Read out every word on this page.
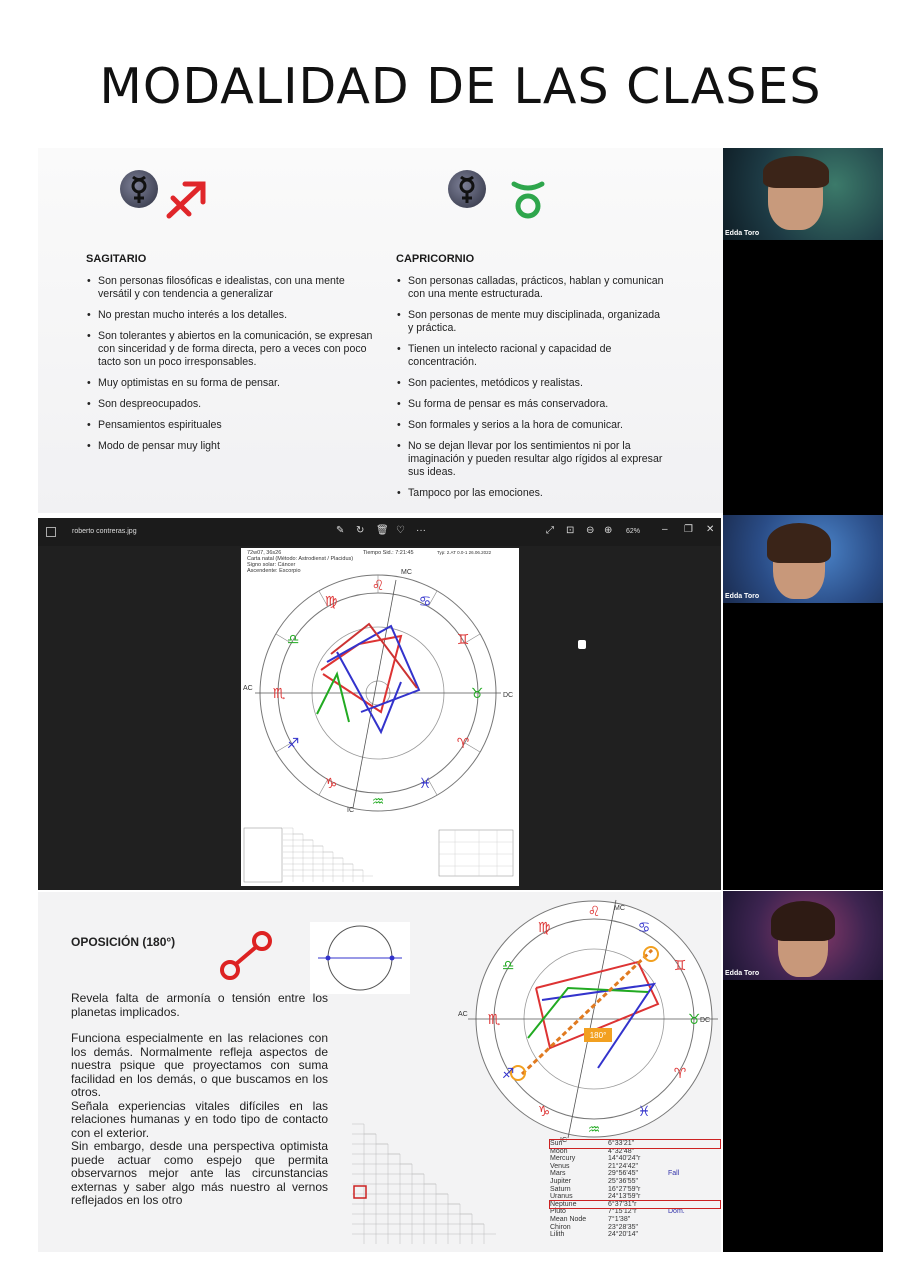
MODALIDAD DE LAS CLASES
SAGITARIO
• Son personas filosóficas e idealistas, con una mente versátil y con tendencia a generalizar
• No prestan mucho interés a los detalles.
• Son tolerantes y abiertos en la comunicación, se expresan con sinceridad y de forma directa, pero a veces con poco tacto son un poco irresponsables.
• Muy optimistas en su forma de pensar.
• Son despreocupados.
• Pensamientos espirituales
• Modo de pensar muy light
CAPRICORNIO
• Son personas calladas, prácticos, hablan y comunican con una mente estructurada.
• Son personas de mente muy disciplinada, organizada y práctica.
• Tienen un intelecto racional y capacidad de concentración.
• Son pacientes, metódicos y realistas.
• Su forma de pensar es más conservadora.
• Son formales y serios a la hora de comunicar.
• No se dejan llevar por los sentimientos ni por la imaginación y pueden resultar algo rígidos al expresar sus ideas.
• Tampoco por las emociones.
Edda Toro
Edda Toro
Edda Toro
roberto contreras.jpg	✎ ↻ 🗑 ♡ ···	⤢ ⊡ ⊖ ⊕ 62% – ❐ ✕
72w07, 36s26
Carta natal (Método: Astrodienst / Placidus)
Signo solar: Cáncer
Ascendente: Escorpio
Tiempo Sid.: 7:21:45	Typ: 2.AT 0.0-1 26.06.2022
♌
♋
♊
♉
♈
♓
♒
♑
♐
♏
♎
♍
MC
AC
DC
IC
OPOSICIÓN (180°)

Revela falta de armonía o tensión entre los planetas implicados.

Funciona especialmente en las relaciones con los demás. Normalmente refleja aspectos de nuestra psique que proyectamos con suma facilidad en los demás, o que buscamos en los otros.

Señala experiencias vitales difíciles en las relaciones humanas y en todo tipo de contacto con el exterior.

Sin embargo, desde una perspectiva optimista puede actuar como espejo que permita observarnos mejor ante las circunstancias externas y saber algo más nuestro al vernos reflejados en los otro

180°
♌
♋
♊
♉
♈
♓
♒
♑
♐
♏
♎
♍
MC
AC
DC
IC
Sun	6°33'21"
Moon	4°32'48"
Mercury	14°40'24"r
Venus	21°24'42"
Mars	29°56'45"	Fall
Jupiter	25°36'55"
Saturn	16°27'59"r
Uranus	24°13'59"r
Neptune	6°37'31"r
Pluto	7°15'12"r	Dom.
Mean Node	7°1'38"
Chiron	23°28'35"
Lilith	24°20'14"
